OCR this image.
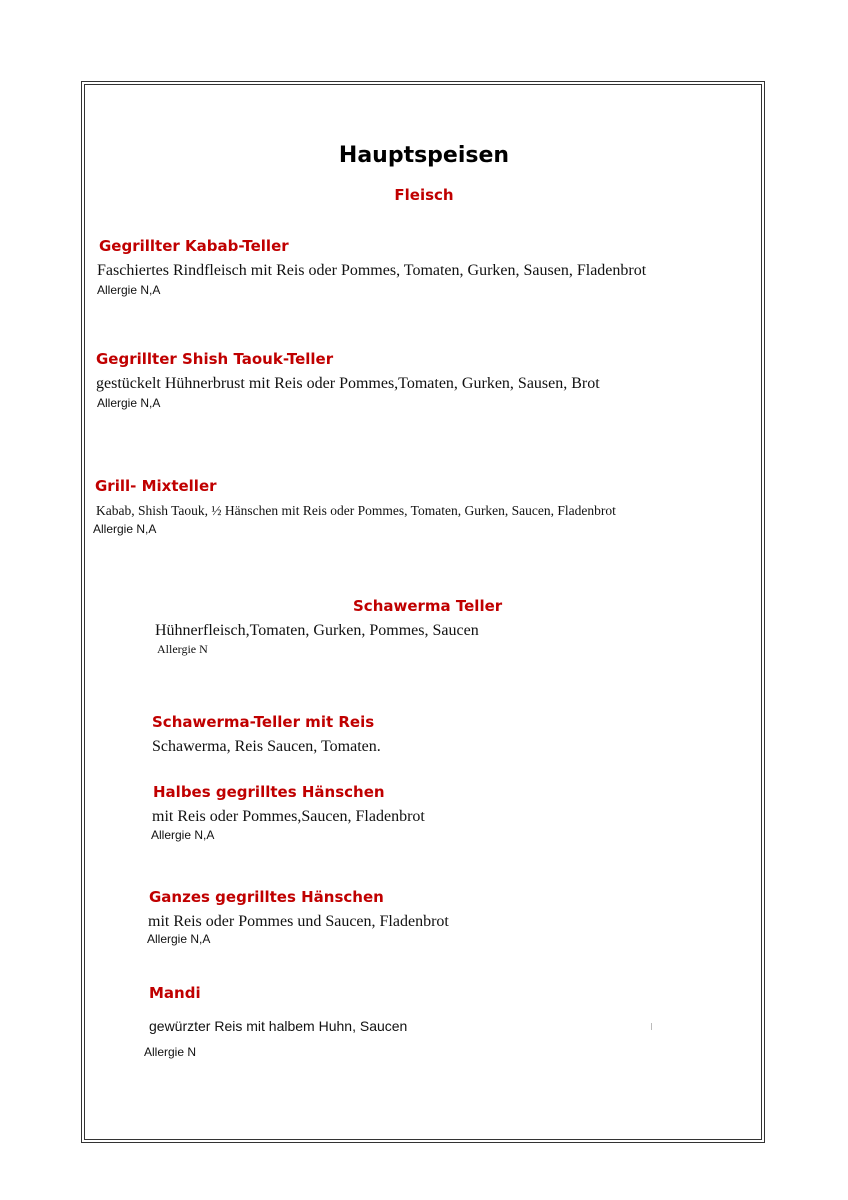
Hauptspeisen
Fleisch
Gegrillter Kabab-Teller
Faschiertes Rindfleisch mit Reis oder Pommes, Tomaten, Gurken, Sausen, Fladenbrot
Allergie N,A
Gegrillter Shish Taouk-Teller
gestückelt Hühnerbrust mit Reis oder Pommes,Tomaten, Gurken, Sausen, Brot
Allergie N,A
Grill- Mixteller
Kabab, Shish Taouk, ½ Hänschen mit Reis oder Pommes, Tomaten, Gurken, Saucen, Fladenbrot
Allergie N,A
Schawerma Teller
Hühnerfleisch,Tomaten, Gurken, Pommes, Saucen
Allergie N
Schawerma-Teller mit Reis
Schawerma, Reis Saucen, Tomaten.
Halbes gegrilltes Hänschen
mit Reis oder Pommes,Saucen, Fladenbrot
Allergie N,A
Ganzes gegrilltes Hänschen
mit Reis oder Pommes und Saucen, Fladenbrot
Allergie N,A
Mandi
gewürzter Reis mit halbem Huhn, Saucen
Allergie N
